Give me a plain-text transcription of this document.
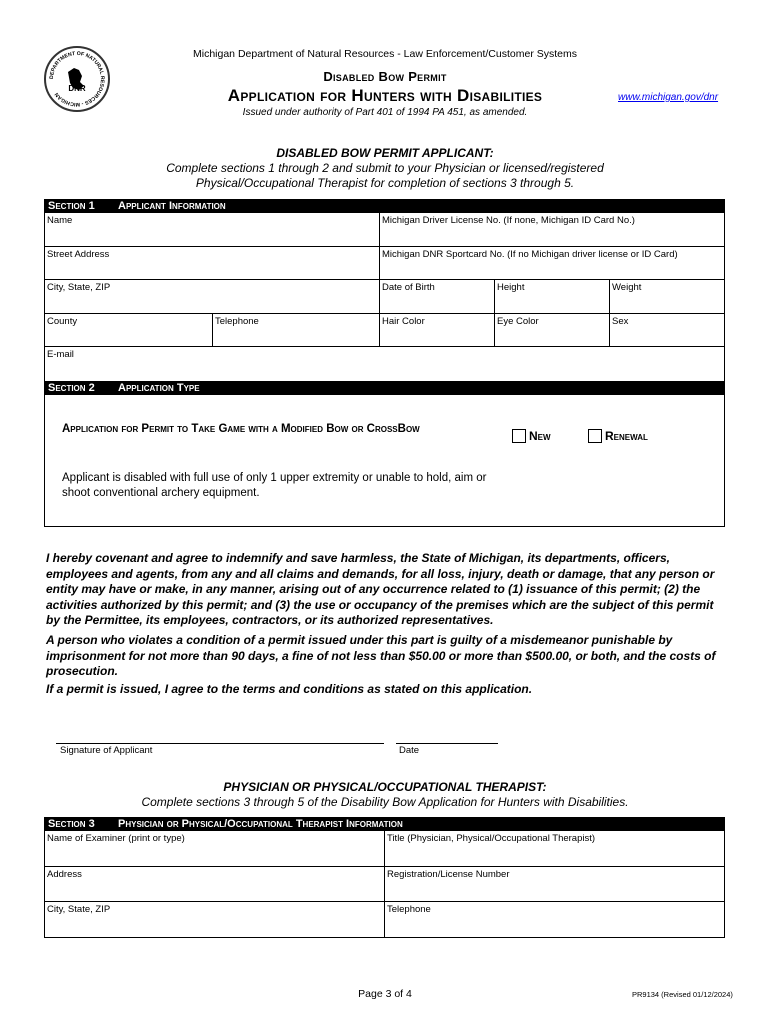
DEPARTMENT OF NATURAL RESOURCES - MICHIGAN
DNR
Michigan Department of Natural Resources - Law Enforcement/Customer Systems
Disabled Bow Permit
Application for Hunters with Disabilities
Issued under authority of Part 401 of 1994 PA 451, as amended.
www.michigan.gov/dnr
DISABLED BOW PERMIT APPLICANT:
Complete sections 1 through 2 and submit to your Physician or licensed/registered Physical/Occupational Therapist for completion of sections 3 through 5.
Section 1 Applicant Information
Name	Michigan Driver License No. (If none, Michigan ID Card No.)
Street Address	Michigan DNR Sportcard No. (If no Michigan driver license or ID Card)
City, State, ZIP	Date of Birth	Height	Weight
County	Telephone	Hair Color	Eye Color	Sex
E-mail
Section 2 Application Type
Application for Permit to Take Game with a Modified Bow or CrossBow	New	Renewal
Applicant is disabled with full use of only 1 upper extremity or unable to hold, aim or shoot conventional archery equipment.
I hereby covenant and agree to indemnify and save harmless, the State of Michigan, its departments, officers, employees and agents, from any and all claims and demands, for all loss, injury, death or damage, that any person or entity may have or make, in any manner, arising out of any occurrence related to (1) issuance of this permit; (2) the activities authorized by this permit; and (3) the use or occupancy of the premises which are the subject of this permit by the Permittee, its employees, contractors, or its authorized representatives.
A person who violates a condition of a permit issued under this part is guilty of a misdemeanor punishable by imprisonment for not more than 90 days, a fine of not less than $50.00 or more than $500.00, or both, and the costs of prosecution.
If a permit is issued, I agree to the terms and conditions as stated on this application.
Signature of Applicant	Date
PHYSICIAN OR PHYSICAL/OCCUPATIONAL THERAPIST:
Complete sections 3 through 5 of the Disability Bow Application for Hunters with Disabilities.
Section 3 Physician or Physical/Occupational Therapist Information
Name of Examiner (print or type)	Title (Physician, Physical/Occupational Therapist)
Address	Registration/License Number
City, State, ZIP	Telephone
Page 3 of 4	PR9134 (Revised 01/12/2024)
